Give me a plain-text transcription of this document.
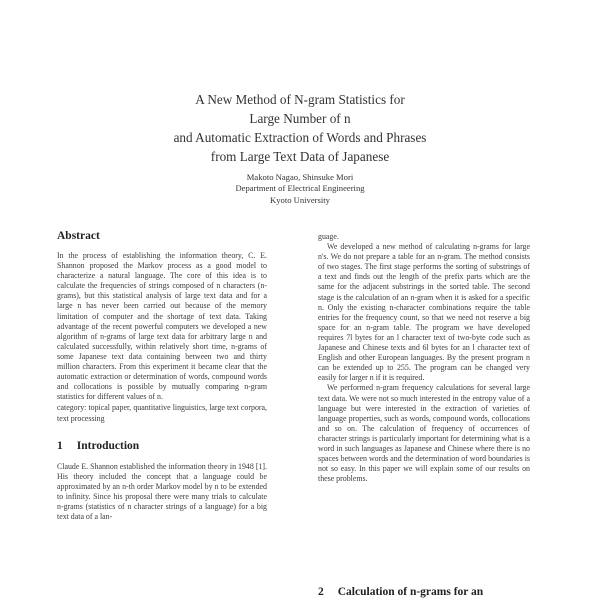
A New Method of N-gram Statistics for
Large Number of n
and Automatic Extraction of Words and Phrases
from Large Text Data of Japanese
Makoto Nagao, Shinsuke Mori
Department of Electrical Engineering
Kyoto University
Abstract
In the process of establishing the information theory, C. E. Shannon proposed the Markov process as a good model to characterize a natural language. The core of this idea is to calculate the frequencies of strings composed of n characters (n-grams), but this statistical analysis of large text data and for a large n has never been carried out because of the memory limitation of computer and the shortage of text data. Taking advantage of the recent powerful computers we developed a new algorithm of n-grams of large text data for arbitrary large n and calculated successfully, within relatively short time, n-grams of some Japanese text data containing between two and thirty million characters. From this experiment it became clear that the automatic extraction or determination of words, compound words and collocations is possible by mutually comparing n-gram statistics for different values of n.
category: topical paper, quantitative linguistics, large text corpora, text processing
1 Introduction
Claude E. Shannon established the information theory in 1948 [1]. His theory included the concept that a language could be approximated by an n-th order Markov model by n to be extended to infinity. Since his proposal there were many trials to calculate n-grams (statistics of n character strings of a language) for a big text data of a lan-
guage.
We developed a new method of calculating n-grams for large n's. We do not prepare a table for an n-gram. The method consists of two stages. The first stage performs the sorting of substrings of a text and finds out the length of the prefix parts which are the same for the adjacent substrings in the sorted table. The second stage is the calculation of an n-gram when it is asked for a specific n. Only the existing n-character combinations require the table entries for the frequency count, so that we need not reserve a big space for an n-gram table. The program we have developed requires 7l bytes for an l character text of two-byte code such as Japanese and Chinese texts and 6l bytes for an l character text of English and other European languages. By the present program n can be extended up to 255. The program can be changed very easily for larger n if it is required.
We performed n-gram frequency calculations for several large text data. We were not so much interested in the entropy value of a language but were interested in the extraction of varieties of language properties, such as words, compound words, collocations and so on. The calculation of frequency of occurrences of character strings is particularly important for determining what is a word in such languages as Japanese and Chinese where there is no spaces between words and the determination of word boundaries is not so easy. In this paper we will explain some of our results on these problems.
2 Calculation of n-grams for an
